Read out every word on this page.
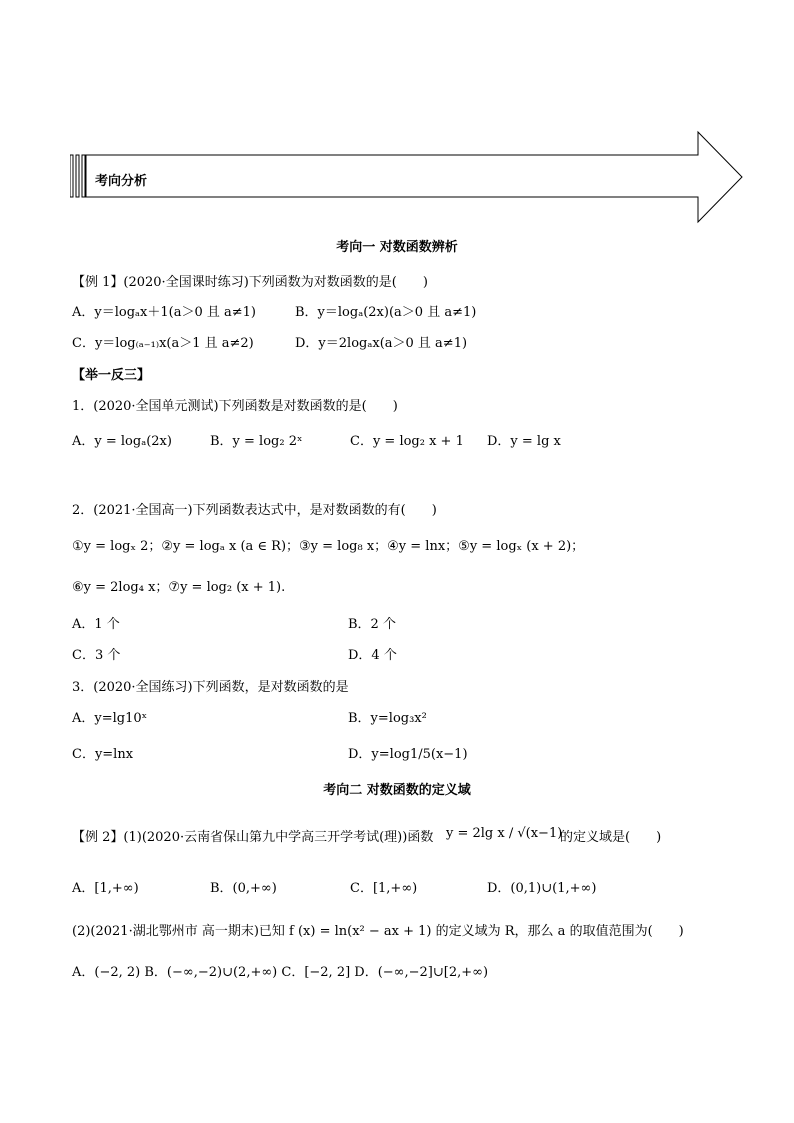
考向分析
考向一 对数函数辨析
【例 1】(2020·全国课时练习)下列函数为对数函数的是(　　)
A．y＝logₐx＋1(a＞0 且 a≠1)	B．y＝logₐ(2x)(a＞0 且 a≠1)
C．y＝log₍ₐ₋₁₎x(a＞1 且 a≠2)	D．y＝2logₐx(a＞0 且 a≠1)
【举一反三】
1．(2020·全国单元测试)下列函数是对数函数的是(　　)
A．y = logₐ(2x)	B．y = log₂ 2ˣ	C．y = log₂ x + 1 D．y = lg x
2．(2021·全国高一)下列函数表达式中，是对数函数的有(　　)
①y = logₓ 2；②y = logₐ x (a ∈ R)；③y = log₈ x；④y = lnx；⑤y = logₓ (x + 2)；
⑥y = 2log₄ x；⑦y = log₂ (x + 1).
A．1 个	B．2 个
C．3 个	D．4 个
3．(2020·全国练习)下列函数，是对数函数的是
A．y=lg10ˣ	B．y=log₃x²
C．y=lnx	D．y=log1/5(x−1)
考向二 对数函数的定义域
【例 2】(1)(2020·云南省保山第九中学高三开学考试(理))函数 y = 2lg x / √(x−1)
的定义域是(　　)
A．[1,+∞)	B．(0,+∞)	C．[1,+∞)	D．(0,1)∪(1,+∞)
(2)(2021·湖北鄂州市 高一期末)已知 f (x) = ln(x² − ax + 1) 的定义域为 R，那么 a 的取值范围为(　　)
A．(−2, 2) B．(−∞,−2)∪(2,+∞) C．[−2, 2] D．(−∞,−2]∪[2,+∞)
